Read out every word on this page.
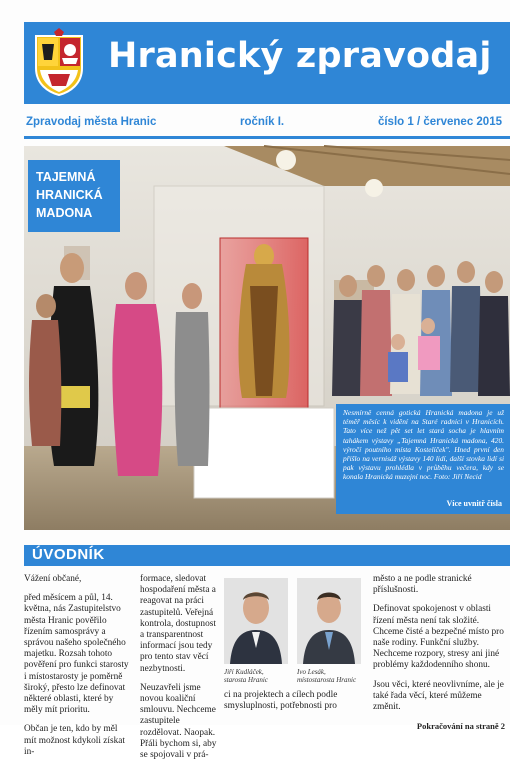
Hranický zpravodaj
Zpravodaj města Hranic	ročník I.	číslo 1 / červenec 2015
TAJEMNÁ
HRANICKÁ
MADONA

Nesmírně cenná gotická Hranická madona je už téměř měsíc k vidění na Staré radnici v Hranicích. Tato více než pět set let stará socha je hlavním tahákem výstavy „Tajemná Hranická madona, 420. výročí poutního místa Kostelíček". Hned první den přišlo na vernisáž výstavy 140 lidí, další stovka lidí si pak výstavu prohlédla v průběhu večera, kdy se konala Hranická muzejní noc. Foto: Jiří Necid

Více uvnitř čísla
ÚVODNÍK

Vážení občané,

před měsícem a půl, 14. května, nás Zastupitelstvo města Hranic pověřilo řízením samosprávy a správou našeho společného majetku. Rozsah tohoto pověření pro funkci starosty i místostarosty je poměrně široký, přesto lze definovat některé oblasti, které by měly mít prioritu.

Občan je ten, kdo by měl mít možnost kdykoli získat in-

formace, sledovat hospodaření města a reagovat na práci zastupitelů. Veřejná kontrola, dostupnost a transparentnost informací jsou tedy pro tento stav věcí nezbytnosti.

Neuzavřeli jsme novou koaliční smlouvu. Nechceme zastupitele rozdělovat. Naopak. Přáli bychom si, aby se spojovali v prá-

Jiří Kudláček,
starosta Hranic
Ivo Lesák,
místostarosta Hranic

ci na projektech a cílech podle smysluplnosti, potřebnosti pro

město a ne podle stranické příslušnosti.

Definovat spokojenost v oblasti řízení města není tak složité. Chceme čisté a bezpečné místo pro naše rodiny. Funkční služby. Nechceme rozpory, stresy ani jiné problémy každodenního shonu.

Jsou věci, které neovlivníme, ale je také řada věcí, které můžeme změnit.

Pokračování na straně 2
